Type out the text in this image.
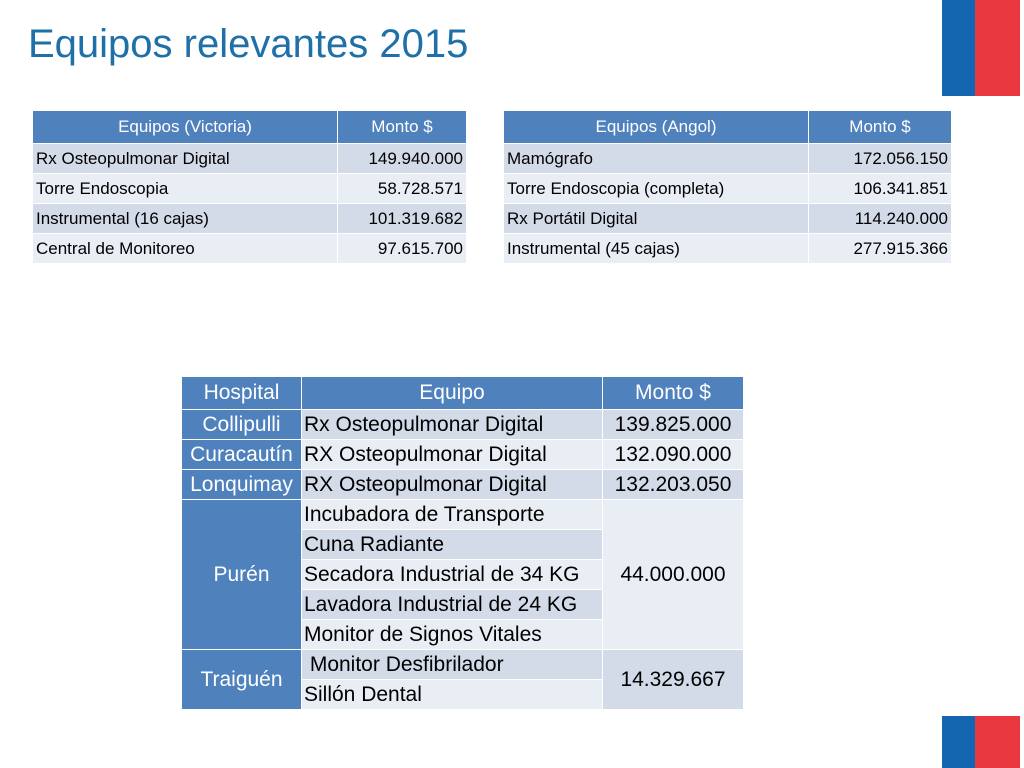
Equipos relevantes 2015
Equipos (Victoria)	Monto $
Rx Osteopulmonar Digital	149.940.000
Torre Endoscopia	58.728.571
Instrumental (16 cajas)	101.319.682
Central de Monitoreo	97.615.700
Equipos (Angol)	Monto $
Mamógrafo	172.056.150
Torre Endoscopia (completa)	106.341.851
Rx Portátil Digital	114.240.000
Instrumental (45 cajas)	277.915.366
Hospital	Equipo	Monto $
Collipulli	Rx Osteopulmonar Digital	139.825.000
Curacautín	RX Osteopulmonar Digital	132.090.000
Lonquimay	RX Osteopulmonar Digital	132.203.050
Purén	Incubadora de Transporte	44.000.000
	Cuna Radiante	
	Secadora Industrial de 34 KG	
	Lavadora Industrial de 24 KG	
	Monitor de Signos Vitales	
Traiguén	Monitor Desfibrilador	14.329.667
	Sillón Dental	
